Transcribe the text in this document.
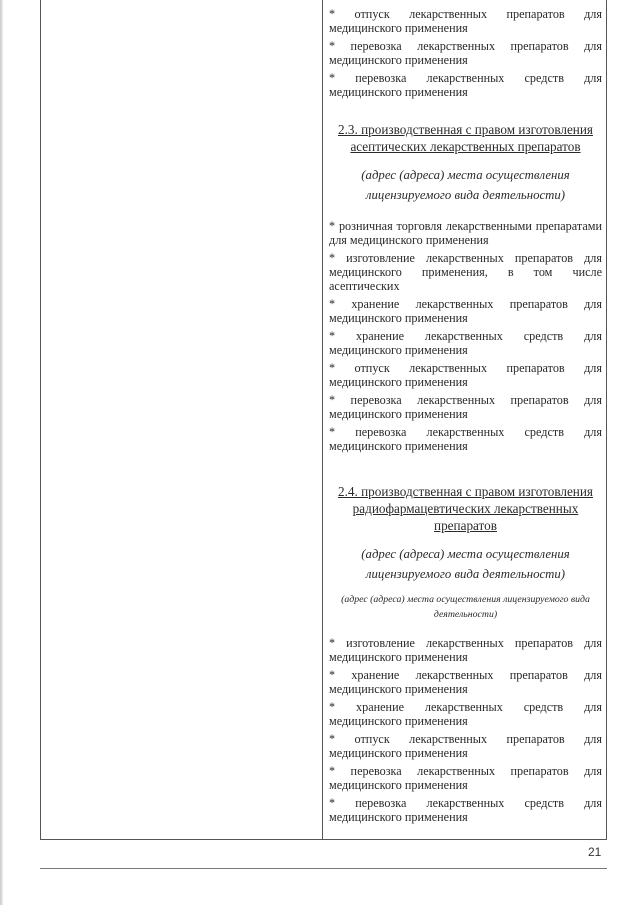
* отпуск лекарственных препаратов для медицинского применения

* перевозка лекарственных препаратов для медицинского применения

* перевозка лекарственных средств для медицинского применения

2.3. производственная с правом изготовления асептических лекарственных препаратов

(адрес (адреса) места осуществления лицензируемого вида деятельности)

* розничная торговля лекарственными препаратами для медицинского применения

* изготовление лекарственных препаратов для медицинского применения, в том числе асептических

* хранение лекарственных препаратов для медицинского применения

* хранение лекарственных средств для медицинского применения

* отпуск лекарственных препаратов для медицинского применения

* перевозка лекарственных препаратов для медицинского применения

* перевозка лекарственных средств для медицинского применения

2.4. производственная с правом изготовления радиофармацевтических лекарственных препаратов

(адрес (адреса) места осуществления лицензируемого вида деятельности)

(адрес (адреса) места осуществления лицензируемого вида деятельности)

* изготовление лекарственных препаратов для медицинского применения

* хранение лекарственных препаратов для медицинского применения

* хранение лекарственных средств для медицинского применения

* отпуск лекарственных препаратов для медицинского применения

* перевозка лекарственных препаратов для медицинского применения

* перевозка лекарственных средств для медицинского применения

21
